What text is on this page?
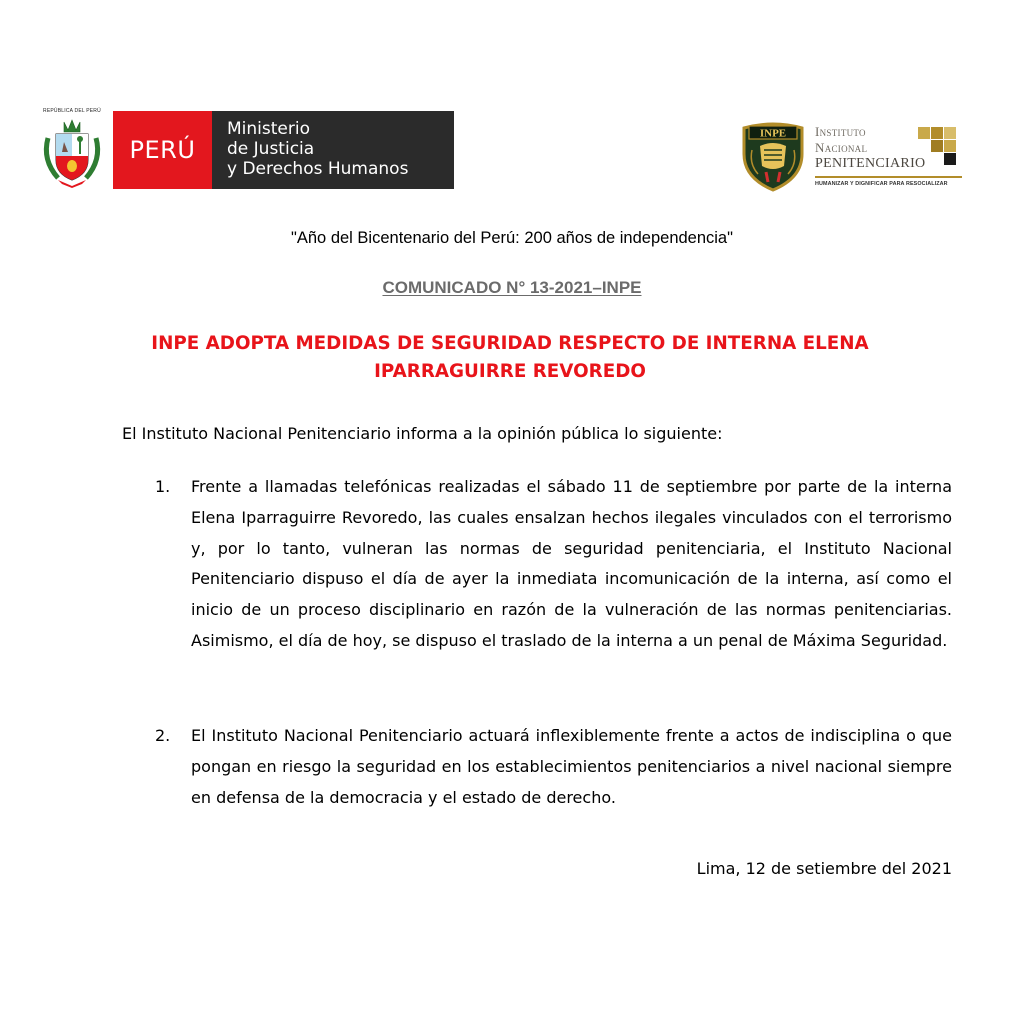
REPÚBLICA DEL PERÚ
PERÚ
Ministerio
de Justicia
y Derechos Humanos
INPE Instituto
Nacional
PENITENCIARIO
HUMANIZAR Y DIGNIFICAR PARA RESOCIALIZAR
"Año del Bicentenario del Perú: 200 años de independencia"
COMUNICADO N° 13-2021–INPE
INPE ADOPTA MEDIDAS DE SEGURIDAD RESPECTO DE INTERNA ELENA IPARRAGUIRRE REVOREDO
El Instituto Nacional Penitenciario informa a la opinión pública lo siguiente:
1. Frente a llamadas telefónicas realizadas el sábado 11 de septiembre por parte de la interna Elena Iparraguirre Revoredo, las cuales ensalzan hechos ilegales vinculados con el terrorismo y, por lo tanto, vulneran las normas de seguridad penitenciaria, el Instituto Nacional Penitenciario dispuso el día de ayer la inmediata incomunicación de la interna, así como el inicio de un proceso disciplinario en razón de la vulneración de las normas penitenciarias. Asimismo, el día de hoy, se dispuso el traslado de la interna a un penal de Máxima Seguridad.
2. El Instituto Nacional Penitenciario actuará inflexiblemente frente a actos de indisciplina o que pongan en riesgo la seguridad en los establecimientos penitenciarios a nivel nacional siempre en defensa de la democracia y el estado de derecho.
Lima, 12 de setiembre del 2021
